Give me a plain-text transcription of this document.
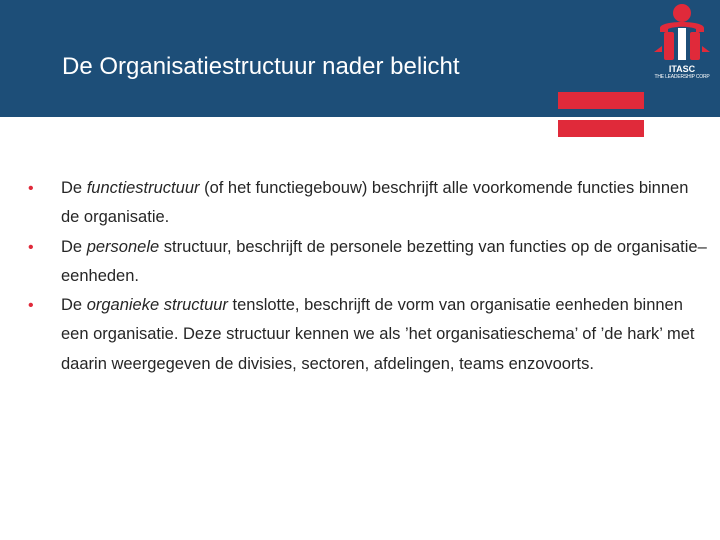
De Organisatiestructuur nader belicht	ITASC
THE LEADERSHIP CORP
• De functiestructuur (of het functiegebouw) beschrijft alle voorkomende functies binnen de organisatie.
• De personele structuur, beschrijft de personele bezetting van functies op de organisatie–eenheden.
• De organieke structuur tenslotte, beschrijft de vorm van organisatie eenheden binnen een organisatie. Deze structuur kennen we als ’het organisatieschema’ of ’de hark’ met daarin weergegeven de divisies, sectoren, afdelingen, teams enzovoorts.
